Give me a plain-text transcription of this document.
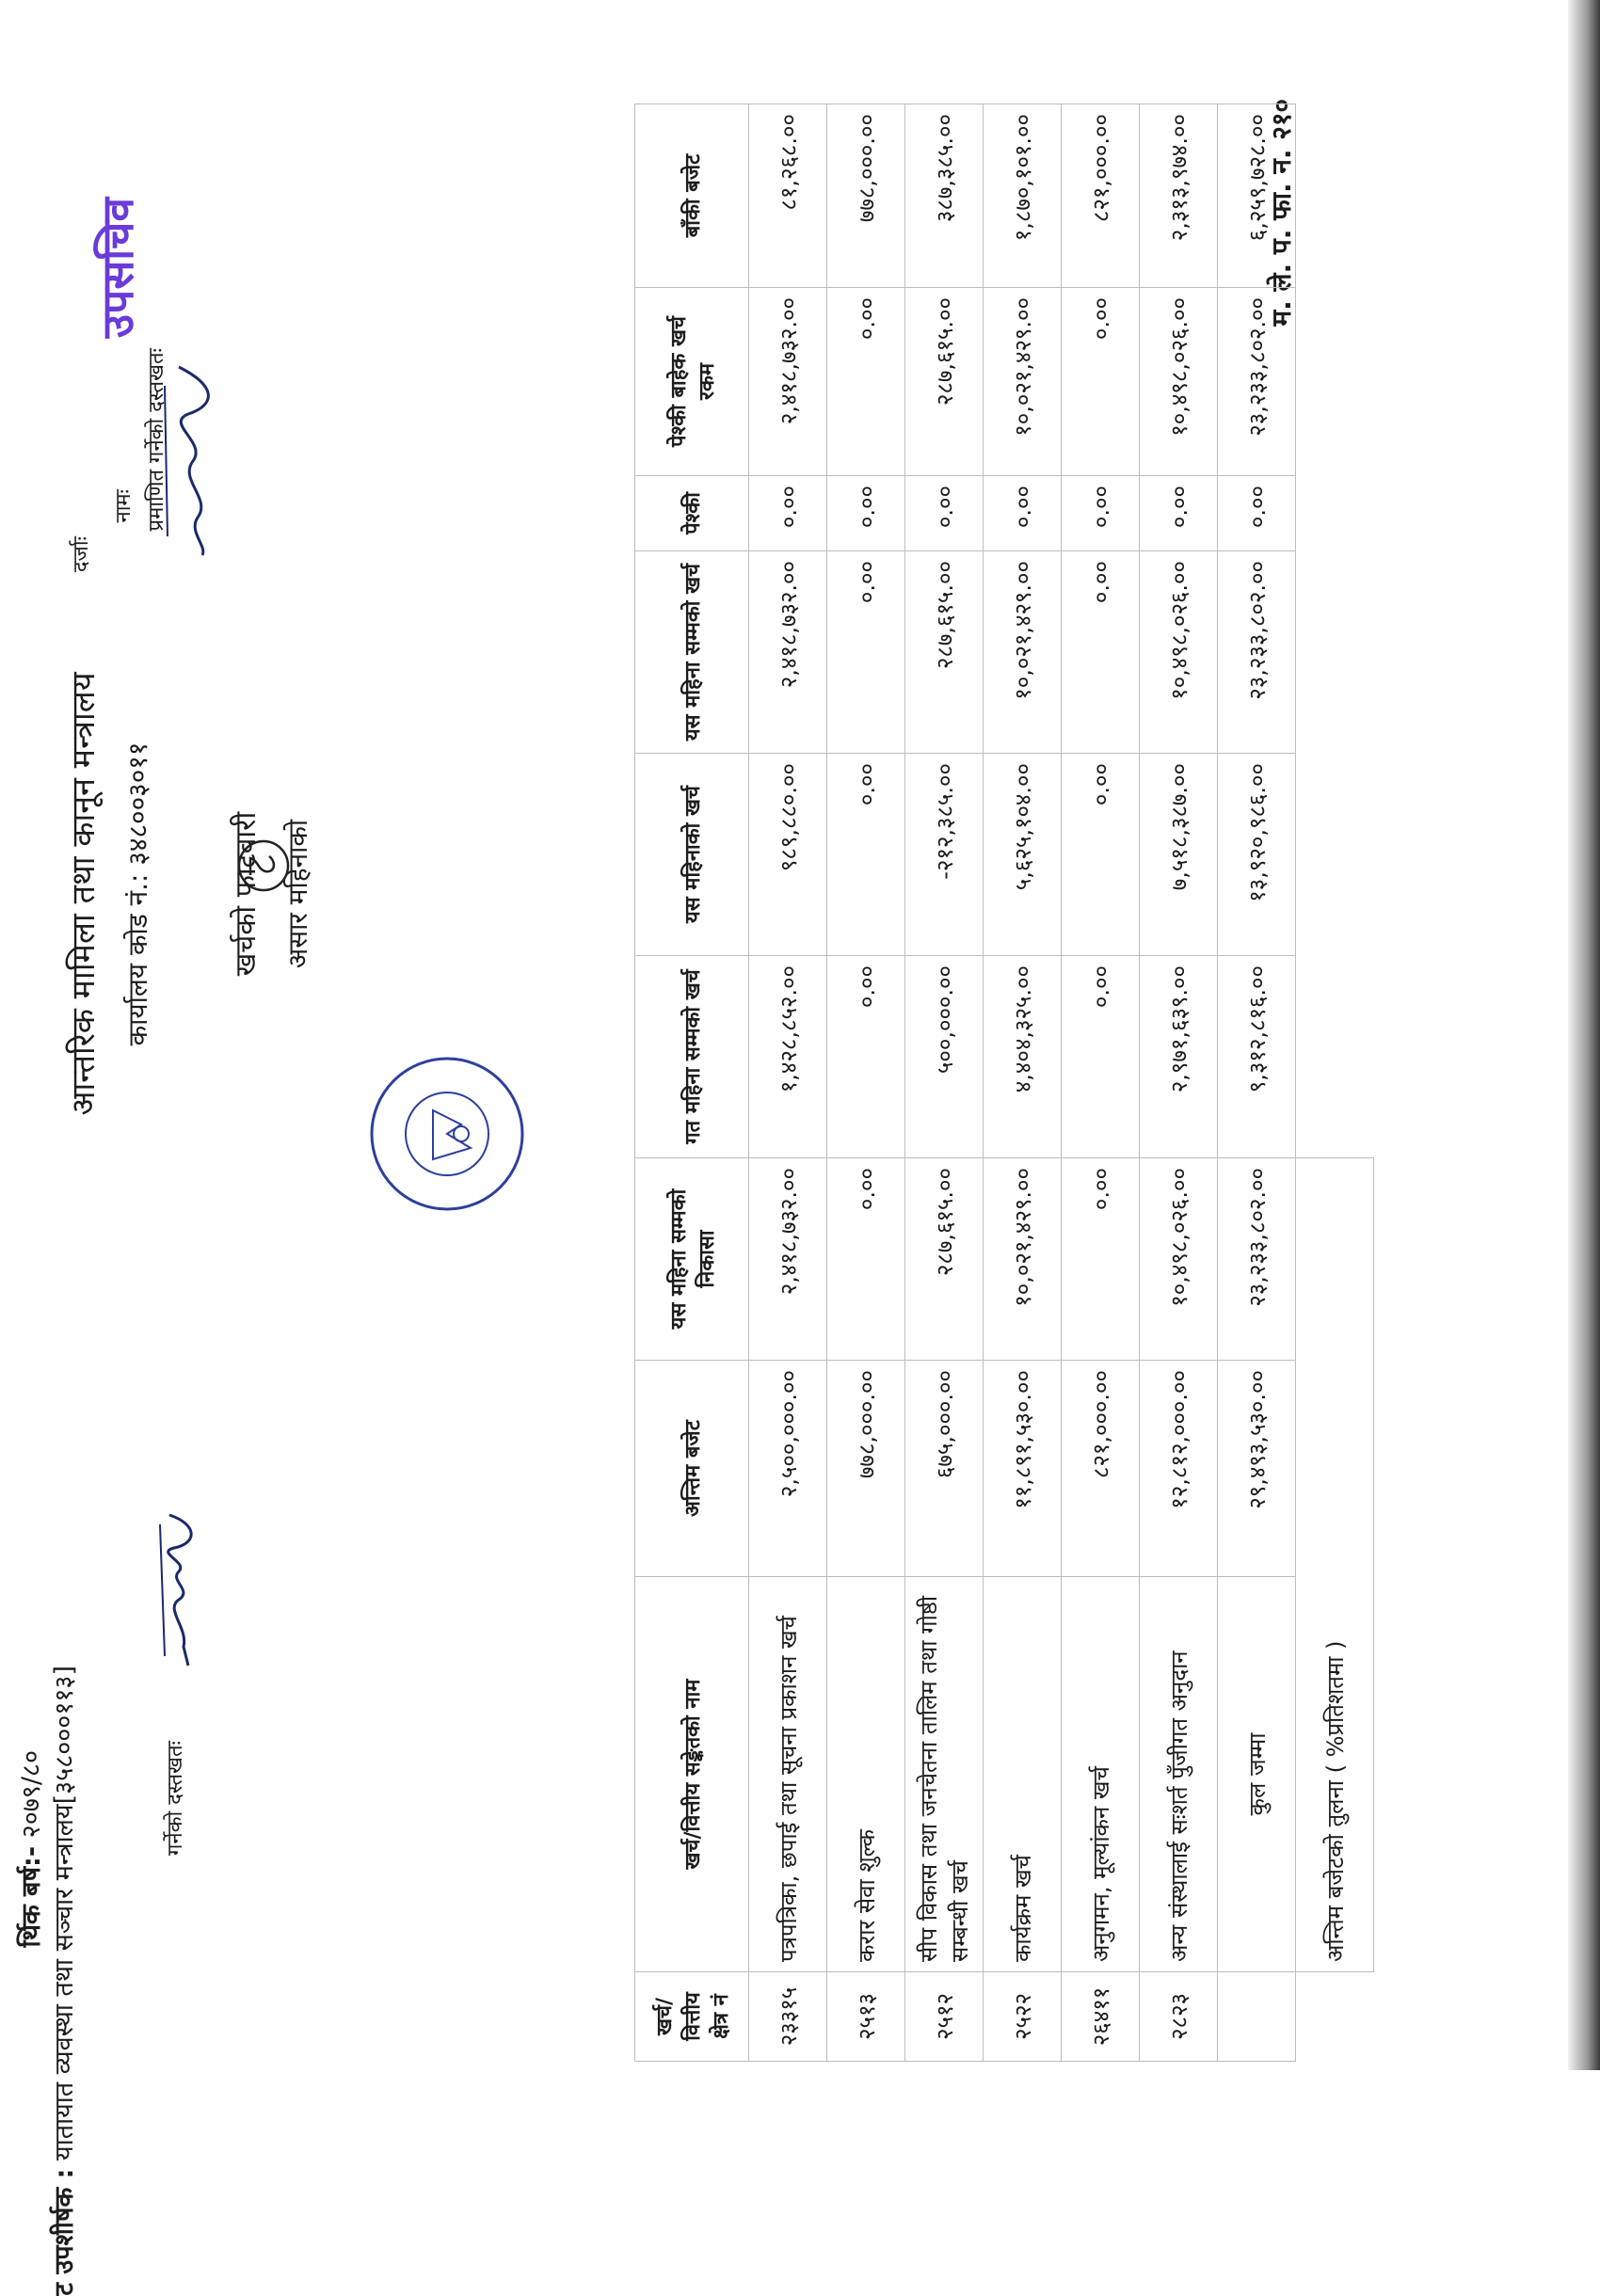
आन्तरिक मामिला तथा कानून मन्त्रालय कार्यालय कोड नं.: ३४८००३०११	खर्चको फाटवारी असार महिनाको
म. ले. प. फा. न. २१०
र्थिक बर्ष:- २०७९/८०
ट उपशीर्षक : यातायात व्यवस्था तथा सञ्चार मन्त्रालय[३५८०००११३]	खर्च/ वित्तीय क्षेत्र नं	खर्च/वित्तीय सङ्केतको नाम	अन्तिम बजेट	यस महिना सम्मको निकासा	गत महिना सम्मको खर्च	यस महिनाको खर्च	यस महिना सम्मको खर्च	पेश्की	पेश्की बाहेक खर्च रकम	बाँकी बजेट
२३३१५	पत्रपत्रिका, छपाई तथा सूचना प्रकाशन खर्च	२,५००,०००.००	२,४१८,७३२.००	१,४२८,८५२.००	९८९,८८०.००	२,४१८,७३२.००	०.००	२,४१८,७३२.००	८१,२६८.००
२५१३	करार सेवा शुल्क	७७८,०००.००	०.००	०.००	०.००	०.००	०.००	०.००	७७८,०००.००
२५१२	सीप विकास तथा जनचेतना तालिम तथा गोष्ठी सम्बन्धी खर्च	६७५,०००.००	२८७,६१५.००	५००,०००.००	-२१२,३८५.००	२८७,६१५.००	०.००	२८७,६१५.००	३८७,३८५.००
२५२२	कार्यक्रम खर्च	११,८९१,५३०.००	१०,०२१,४२९.००	४,४०४,३२५.००	५,६२५,१०४.००	१०,०२१,४२९.००	०.००	१०,०२१,४२९.००	१,८७०,१०१.००
२६४११	अनुगमन, मूल्यांकन खर्च	८२१,०००.००	०.००	०.००	०.००	०.००	०.००	०.००	८२१,०००.००
२८२३	अन्य संस्थालाई सःशर्त पुँजीगत अनुदान	१२,८१२,०००.००	१०,४९८,०२६.००	२,९७१,६३९.००	७,५१८,३८७.००	१०,४९८,०२६.००	०.००	१०,४९८,०२६.००	२,३१३,९७४.००
	कुल जम्मा	२९,४९३,५३०.००	२३,२३३,८०२.००	९,३१२,८१६.००	१३,९२०,९८६.००	२३,२३३,८०२.००	०.००	२३,२३३,८०२.००	६,२५९,७२८.००
	अन्तिम बजेटको तुलना ( %प्रतिशतमा )								
गर्नेको दस्तखतः
प्रमाणित गर्नेको दस्तखतः
नामः
दर्जाः
उपसचिव
